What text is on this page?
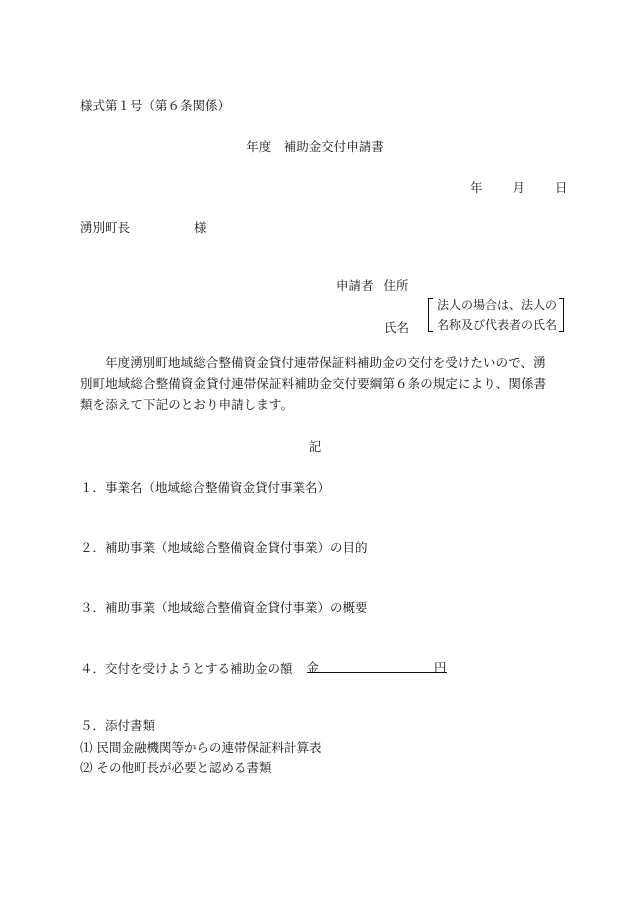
様式第１号（第６条関係）
年度　補助金交付申請書
年 月 日
湧別町長	様
申請者 住所
氏名
法人の場合は、法人の
名称及び代表者の氏名
年度湧別町地域総合整備資金貸付連帯保証料補助金の交付を受けたいので、湧別町地域総合整備資金貸付連帯保証料補助金交付要綱第６条の規定により、関係書類を添えて下記のとおり申請します。
記
１．事業名（地域総合整備資金貸付事業名）
２．補助事業（地域総合整備資金貸付事業）の目的
３．補助事業（地域総合整備資金貸付事業）の概要
４．交付を受けようとする補助金の額 金	円
５．添付書類
⑴ 民間金融機関等からの連帯保証料計算表
⑵ その他町長が必要と認める書類
